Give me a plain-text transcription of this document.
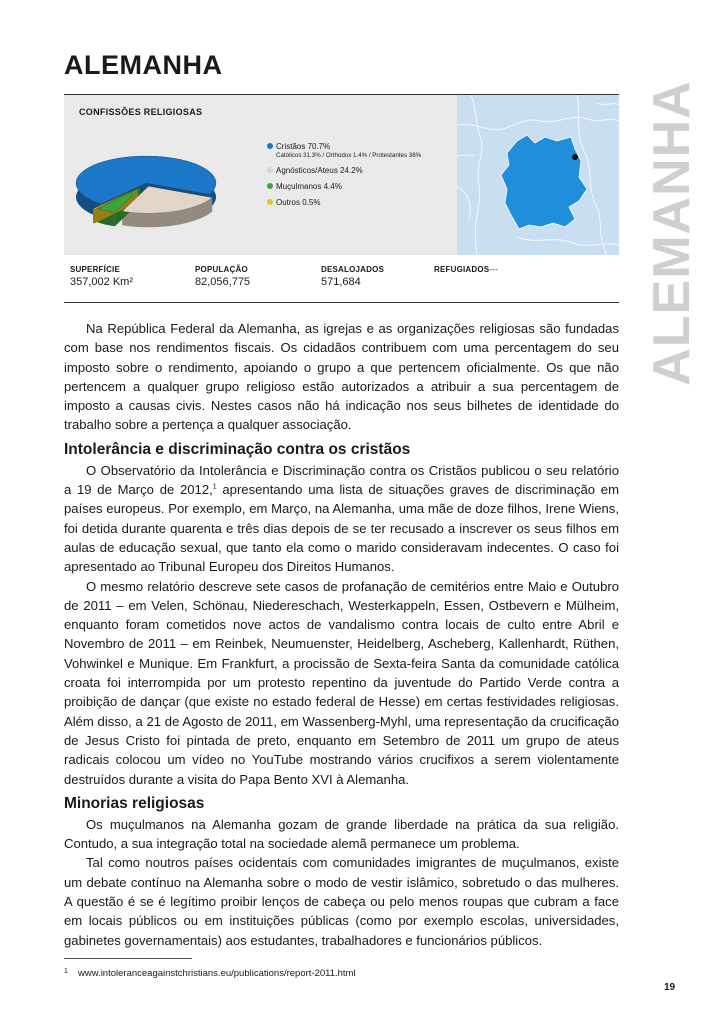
ALEMANHA
ALEMANHA
CONFISSÕES RELIGIOSAS
Cristãos 70.7%
Católicos 31.3% / Orthodox 1.4% / Protestantes 38%
Agnósticos/Ateus 24.2%
Muçulmanos 4.4%
Outros 0.5%
SUPERFÍCIE
357,002 Km²
POPULAÇÃO
82,056,775
DESALOJADOS
571,684
REFUGIADOS---

Na República Federal da Alemanha, as igrejas e as organizações religiosas são fundadas com base nos rendimentos fiscais. Os cidadãos contribuem com uma percentagem do seu imposto sobre o rendimento, apoiando o grupo a que pertencem oficialmente. Os que não pertencem a qualquer grupo religioso estão autorizados a atribuir a sua percentagem de imposto a causas civis. Nestes casos não há indicação nos seus bilhetes de identidade do trabalho sobre a pertença a qualquer associação.

Intolerância e discriminação contra os cristãos

O Observatório da Intolerância e Discriminação contra os Cristãos publicou o seu relatório a 19 de Março de 2012,$^1$ apresentando uma lista de situações graves de discriminação em países europeus. Por exemplo, em Março, na Alemanha, uma mãe de doze filhos, Irene Wiens, foi detida durante quarenta e três dias depois de se ter recusado a inscrever os seus filhos em aulas de educação sexual, que tanto ela como o marido consideravam indecentes. O caso foi apresentado ao Tribunal Europeu dos Direitos Humanos.

O mesmo relatório descreve sete casos de profanação de cemitérios entre Maio e Outubro de 2011 – em Velen, Schönau, Niedereschach, Westerkappeln, Essen, Ostbevern e Mülheim, enquanto foram cometidos nove actos de vandalismo contra locais de culto entre Abril e Novembro de 2011 – em Reinbek, Neumuenster, Heidelberg, Ascheberg, Kallenhardt, Rüthen, Vohwinkel e Munique. Em Frankfurt, a procissão de Sexta-feira Santa da comunidade católica croata foi interrompida por um protesto repentino da juventude do Partido Verde contra a proibição de dançar (que existe no estado federal de Hesse) em certas festividades religiosas. Além disso, a 21 de Agosto de 2011, em Wassenberg-Myhl, uma representação da crucificação de Jesus Cristo foi pintada de preto, enquanto em Setembro de 2011 um grupo de ateus radicais colocou um vídeo no YouTube mostrando vários crucifixos a serem violentamente destruídos durante a visita do Papa Bento XVI à Alemanha.

Minorias religiosas

Os muçulmanos na Alemanha gozam de grande liberdade na prática da sua religião. Contudo, a sua integração total na sociedade alemã permanece um problema.

Tal como noutros países ocidentais com comunidades imigrantes de muçulmanos, existe um debate contínuo na Alemanha sobre o modo de vestir islâmico, sobretudo o das mulheres. A questão é se é legítimo proibir lenços de cabeça ou pelo menos roupas que cubram a face em locais públicos ou em instituições públicas (como por exemplo escolas, universidades, gabinetes governamentais) aos estudantes, trabalhadores e funcionários públicos.

1 www.intoleranceagainstchristians.eu/publications/report-2011.html
19
